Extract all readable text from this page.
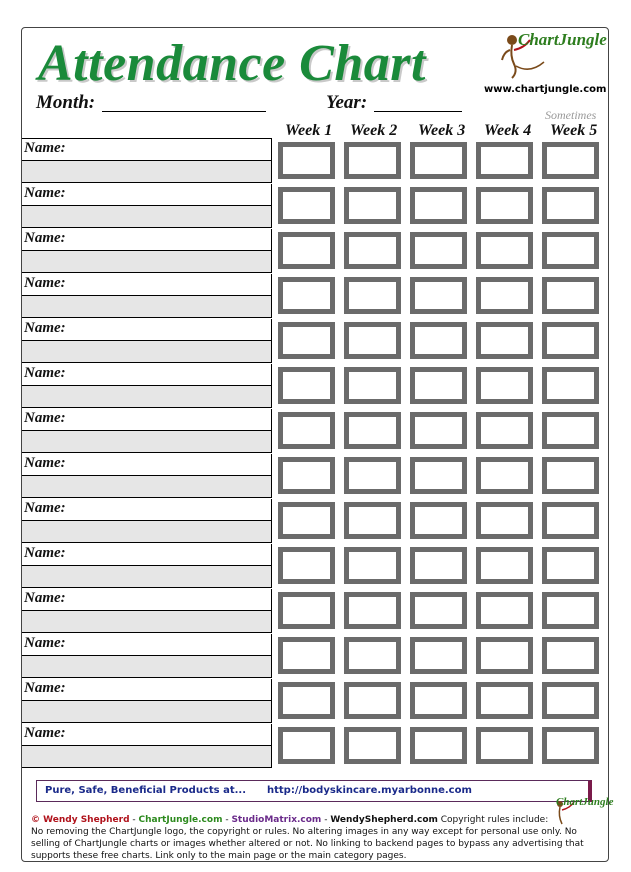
Attendance Chart
Month:	Year:
ChartJungle
www.chartjungle.com
Sometimes
Week 1 Week 2 Week 3 Week 4 Week 5
Name:
Name:
Name:
Name:
Name:
Name:
Name:
Name:
Name:
Name:
Name:
Name:
Name:
Name:
Pure, Safe, Beneficial Products at... http://bodyskincare.myarbonne.com
ChartJungle
© Wendy Shepherd - ChartJungle.com - StudioMatrix.com - WendyShepherd.com Copyright rules include:
No removing the ChartJungle logo, the copyright or rules. No altering images in any way except for personal use only. No selling of ChartJungle charts or images whether altered or not. No linking to backend pages to bypass any advertising that supports these free charts. Link only to the main page or the main category pages.
